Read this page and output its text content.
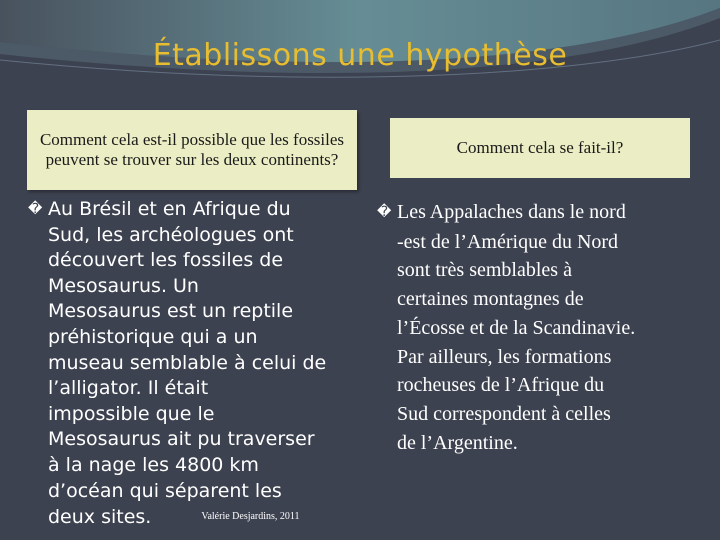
Établissons une hypothèse
Comment cela est-il possible que les fossiles peuvent se trouver sur les deux continents?
Comment cela se fait-il?
� Au Brésil et en Afrique du
Sud, les archéologues ont
découvert les fossiles de
Mesosaurus. Un
Mesosaurus est un reptile
préhistorique qui a un
museau semblable à celui de
l’alligator. Il était
impossible que le
Mesosaurus ait pu traverser
à la nage les 4800 km
d’océan qui séparent les
deux sites.	$^{Valérie Desjardins, 2011}$
� Les Appalaches dans le nord
-est de l’Amérique du Nord
sont très semblables à
certaines montagnes de
l’Écosse et de la Scandinavie.
Par ailleurs, les formations
rocheuses de l’Afrique du
Sud correspondent à celles
de l’Argentine.
